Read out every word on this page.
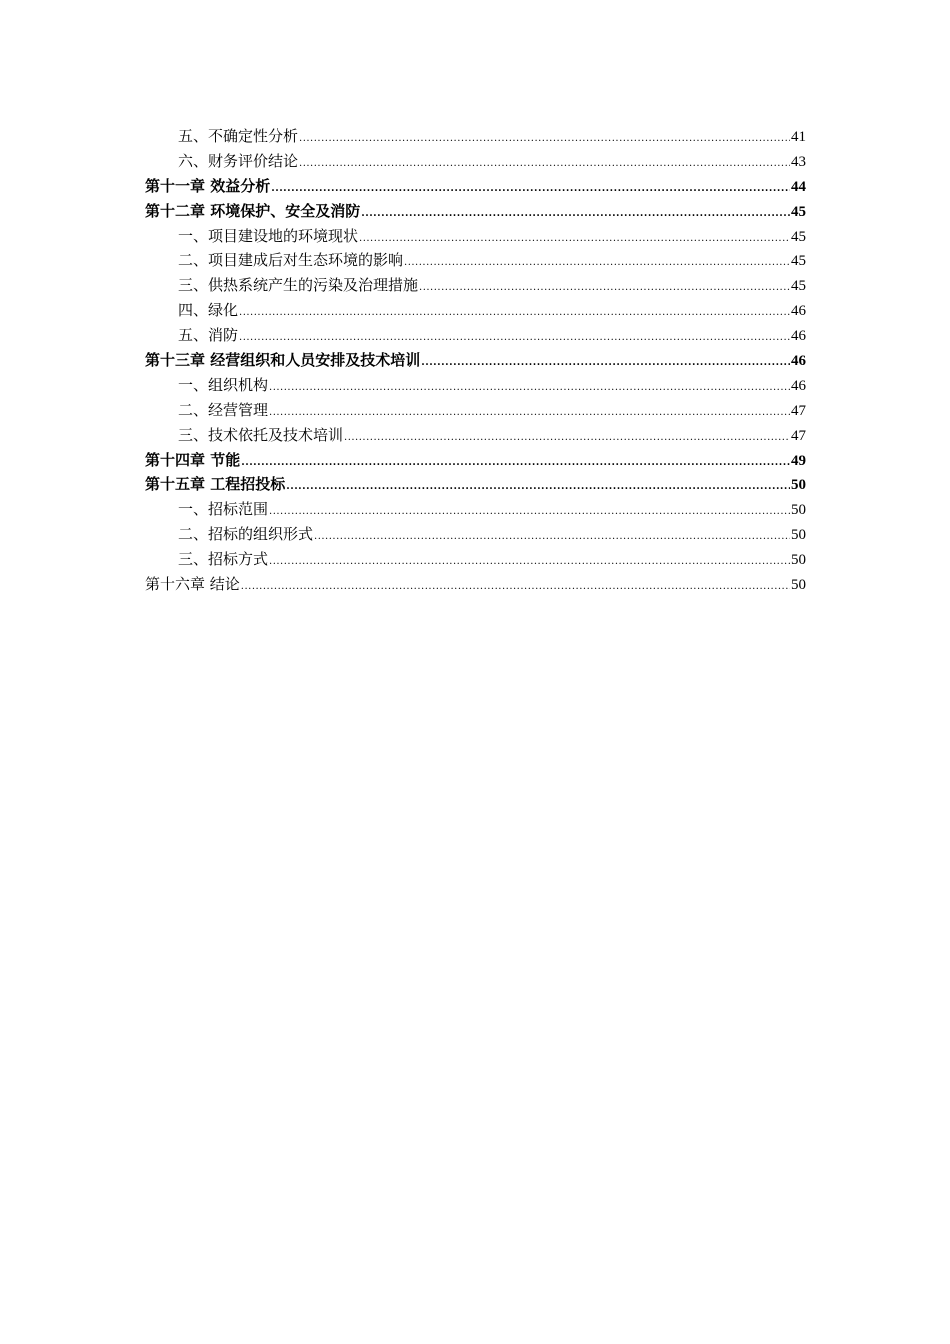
五、不确定性分析 .....	41
六、财务评价结论 .....	43
第十一章 效益分析 .....	44
第十二章 环境保护、安全及消防 .....	45
一、项目建设地的环境现状 .....	45
二、项目建成后对生态环境的影响 .....	45
三、供热系统产生的污染及治理措施 .....	45
四、绿化 .....	46
五、消防 .....	46
第十三章 经营组织和人员安排及技术培训 .....	46
一、组织机构 .....	46
二、经营管理 .....	47
三、技术依托及技术培训 .....	47
第十四章 节能 .....	49
第十五章 工程招投标 .....	50
一、招标范围 .....	50
二、招标的组织形式 .....	50
三、招标方式 .....	50
第十六章 结论 .....	50
